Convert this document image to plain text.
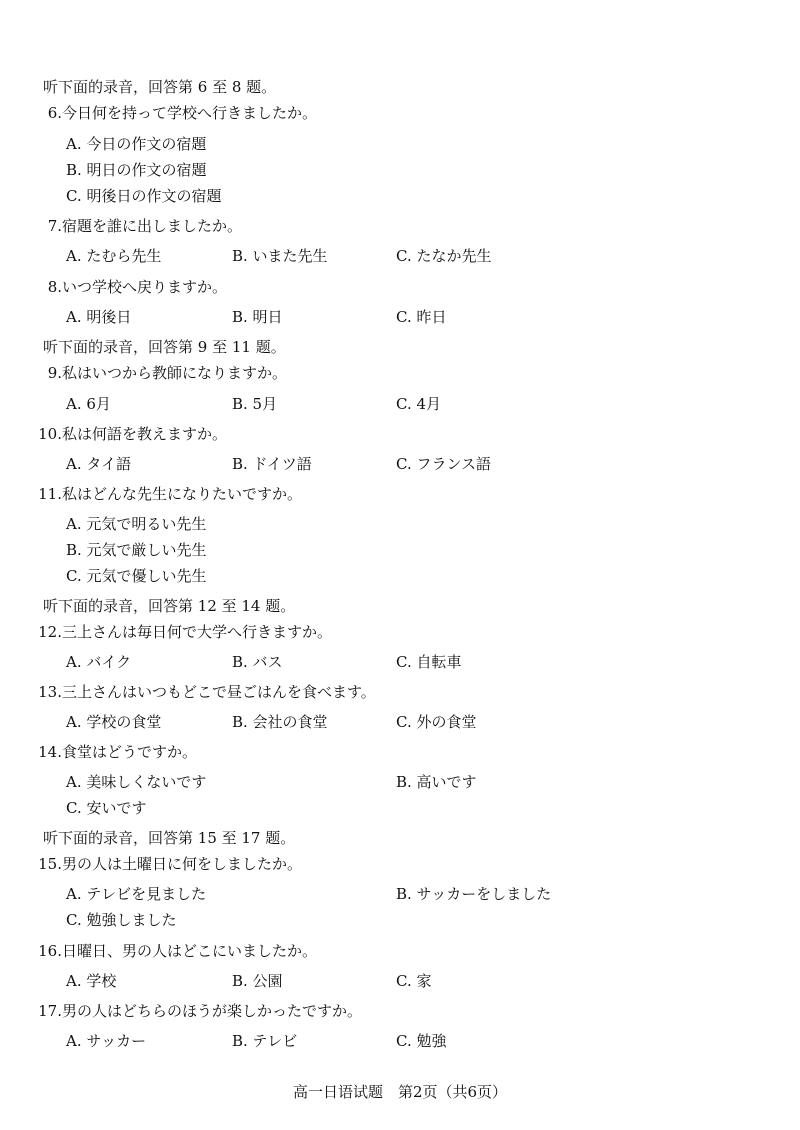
听下面的录音，回答第 6 至 8 题。
6.今日何を持って学校へ行きましたか。
A. 今日の作文の宿題
B. 明日の作文の宿題
C. 明後日の作文の宿題
7.宿題を誰に出しましたか。
A. たむら先生	B. いまた先生	C. たなか先生
8.いつ学校へ戻りますか。
A. 明後日	B. 明日	C. 昨日
听下面的录音，回答第 9 至 11 题。
9.私はいつから教師になりますか。
A. 6月	B. 5月	C. 4月
10.私は何語を教えますか。
A. タイ語	B. ドイツ語	C. フランス語
11.私はどんな先生になりたいですか。
A. 元気で明るい先生
B. 元気で厳しい先生
C. 元気で優しい先生
听下面的录音，回答第 12 至 14 题。
12.三上さんは毎日何で大学へ行きますか。
A. バイク	B. バス	C. 自転車
13.三上さんはいつもどこで昼ごはんを食べます。
A. 学校の食堂	B. 会社の食堂	C. 外の食堂
14.食堂はどうですか。
A. 美味しくないです	B. 高いです
C. 安いです
听下面的录音，回答第 15 至 17 题。
15.男の人は土曜日に何をしましたか。
A. テレビを見ました	B. サッカーをしました
C. 勉強しました
16.日曜日、男の人はどこにいましたか。
A. 学校	B. 公園	C. 家
17.男の人はどちらのほうが楽しかったですか。
A. サッカー	B. テレビ	C. 勉強
高一日语试题　第2页（共6页）
